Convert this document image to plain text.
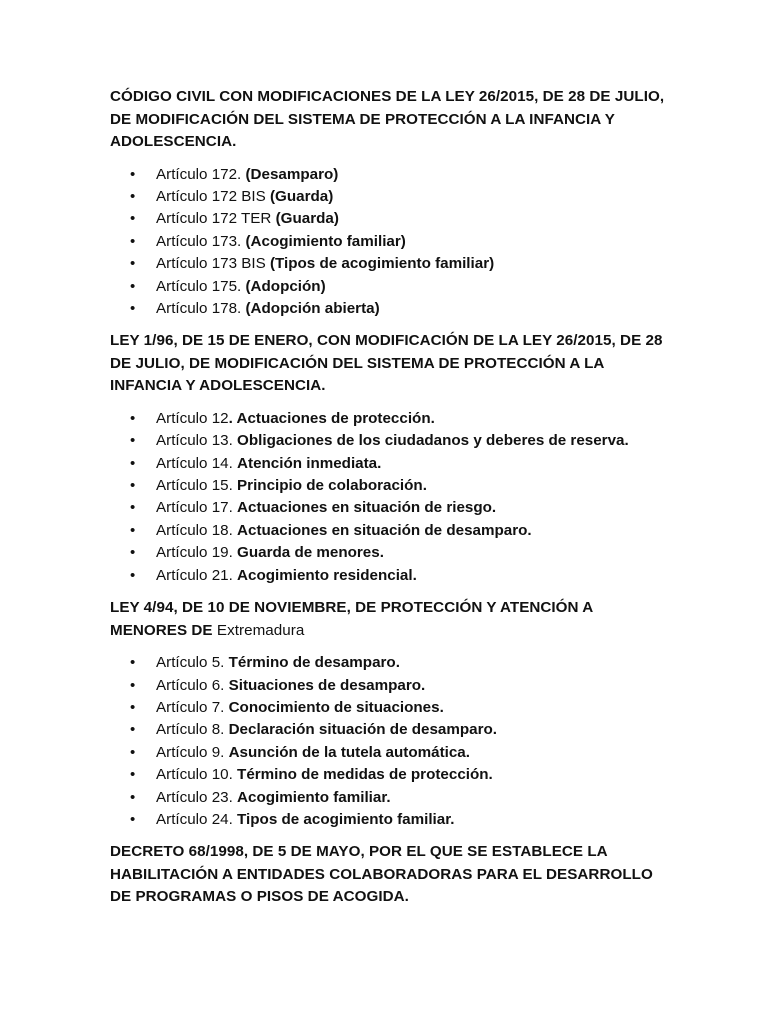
CÓDIGO CIVIL CON MODIFICACIONES DE LA LEY 26/2015, DE 28 DE JULIO, DE MODIFICACIÓN DEL SISTEMA DE PROTECCIÓN A LA INFANCIA Y ADOLESCENCIA.

• Artículo 172. (Desamparo)
• Artículo 172 BIS (Guarda)
• Artículo 172 TER (Guarda)
• Artículo 173. (Acogimiento familiar)
• Artículo 173 BIS (Tipos de acogimiento familiar)
• Artículo 175. (Adopción)
• Artículo 178. (Adopción abierta)

LEY 1/96, DE 15 DE ENERO, CON MODIFICACIÓN DE LA LEY 26/2015, DE 28 DE JULIO, DE MODIFICACIÓN DEL SISTEMA DE PROTECCIÓN A LA INFANCIA Y ADOLESCENCIA.

• Artículo 12. Actuaciones de protección.
• Artículo 13. Obligaciones de los ciudadanos y deberes de reserva.
• Artículo 14. Atención inmediata.
• Artículo 15. Principio de colaboración.
• Artículo 17. Actuaciones en situación de riesgo.
• Artículo 18. Actuaciones en situación de desamparo.
• Artículo 19. Guarda de menores.
• Artículo 21. Acogimiento residencial.

LEY 4/94, DE 10 DE NOVIEMBRE, DE PROTECCIÓN Y ATENCIÓN A MENORES DE Extremadura

• Artículo 5. Término de desamparo.
• Artículo 6. Situaciones de desamparo.
• Artículo 7. Conocimiento de situaciones.
• Artículo 8. Declaración situación de desamparo.
• Artículo 9. Asunción de la tutela automática.
• Artículo 10. Término de medidas de protección.
• Artículo 23. Acogimiento familiar.
• Artículo 24. Tipos de acogimiento familiar.

DECRETO 68/1998, DE 5 DE MAYO, POR EL QUE SE ESTABLECE LA HABILITACIÓN A ENTIDADES COLABORADORAS PARA EL DESARROLLO DE PROGRAMAS O PISOS DE ACOGIDA.
